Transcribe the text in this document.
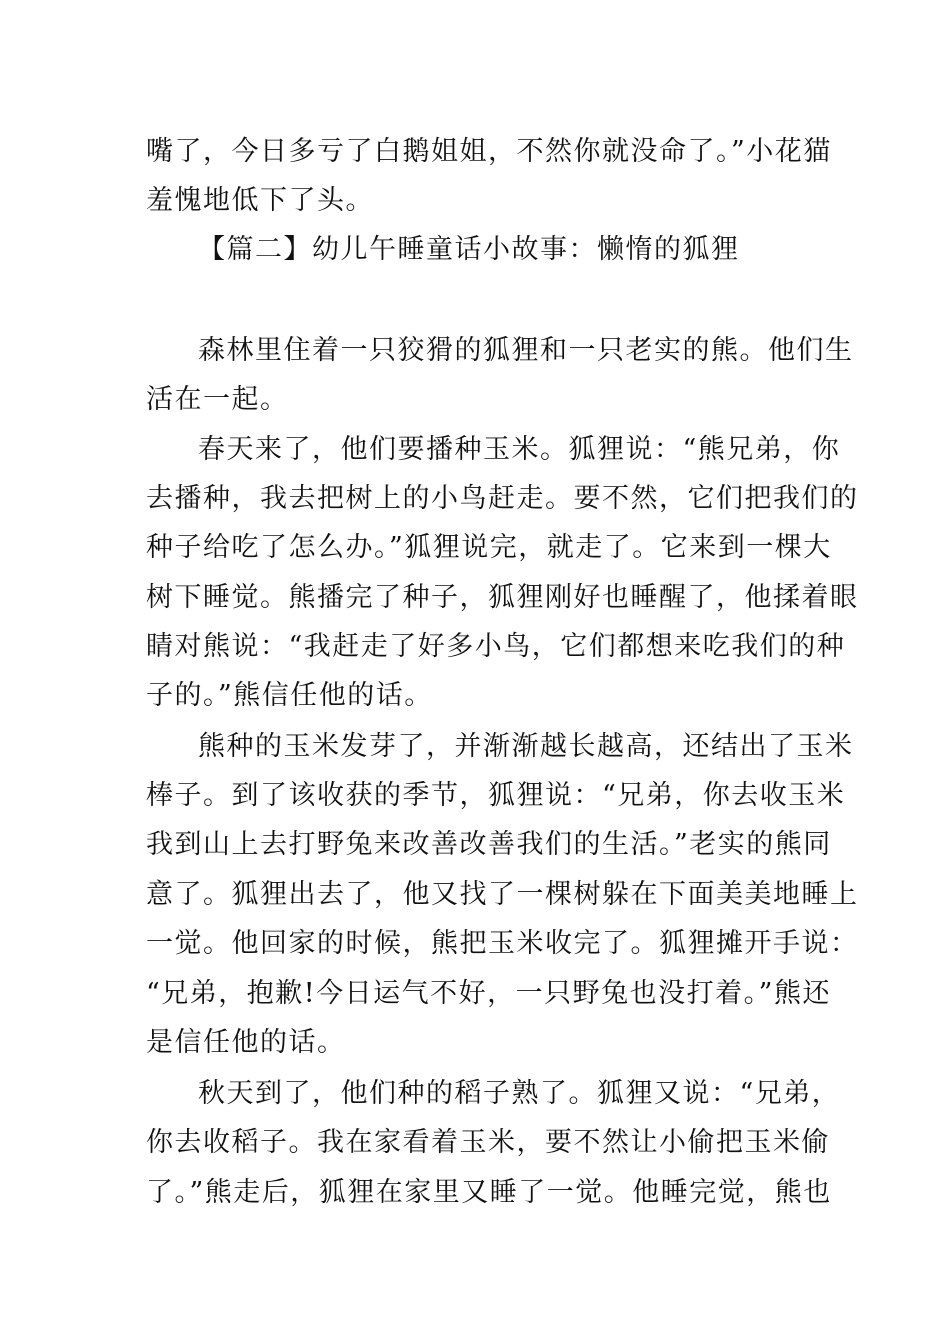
嘴了，今日多亏了白鹅姐姐，不然你就没命了。”小花猫
羞愧地低下了头。
【篇二】幼儿午睡童话小故事：懒惰的狐狸
森林里住着一只狡猾的狐狸和一只老实的熊。他们生
活在一起。
春天来了，他们要播种玉米。狐狸说：“熊兄弟，你
去播种，我去把树上的小鸟赶走。要不然，它们把我们的
种子给吃了怎么办。”狐狸说完，就走了。它来到一棵大
树下睡觉。熊播完了种子，狐狸刚好也睡醒了，他揉着眼
睛对熊说：“我赶走了好多小鸟，它们都想来吃我们的种
子的。”熊信任他的话。
熊种的玉米发芽了，并渐渐越长越高，还结出了玉米
棒子。到了该收获的季节，狐狸说：“兄弟，你去收玉米
我到山上去打野兔来改善改善我们的生活。”老实的熊同
意了。狐狸出去了，他又找了一棵树躲在下面美美地睡上
一觉。他回家的时候，熊把玉米收完了。狐狸摊开手说：
“兄弟，抱歉!今日运气不好，一只野兔也没打着。”熊还
是信任他的话。
秋天到了，他们种的稻子熟了。狐狸又说：“兄弟，
你去收稻子。我在家看着玉米，要不然让小偷把玉米偷
了。”熊走后，狐狸在家里又睡了一觉。他睡完觉，熊也
